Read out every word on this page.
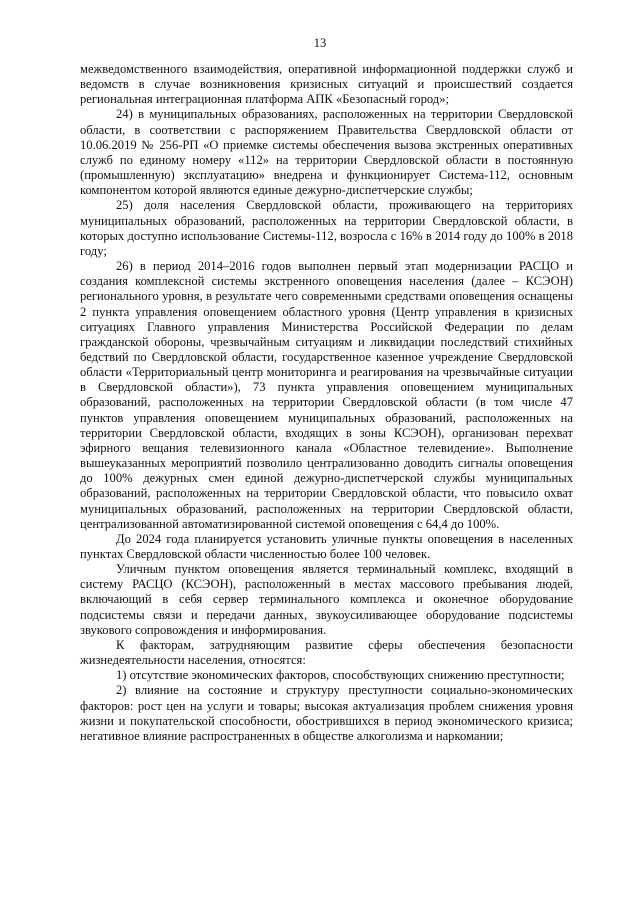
13

межведомственного взаимодействия, оперативной информационной поддержки служб и ведомств в случае возникновения кризисных ситуаций и происшествий создается региональная интеграционная платформа АПК «Безопасный город»;

24) в муниципальных образованиях, расположенных на территории Свердловской области, в соответствии с распоряжением Правительства Свердловской области от 10.06.2019 № 256-РП «О приемке системы обеспечения вызова экстренных оперативных служб по единому номеру «112» на территории Свердловской области в постоянную (промышленную) эксплуатацию» внедрена и функционирует Система-112, основным компонентом которой являются единые дежурно-диспетчерские службы;

25) доля населения Свердловской области, проживающего на территориях муниципальных образований, расположенных на территории Свердловской области, в которых доступно использование Системы-112, возросла с 16% в 2014 году до 100% в 2018 году;

26) в период 2014–2016 годов выполнен первый этап модернизации РАСЦО и создания комплексной системы экстренного оповещения населения (далее – КСЭОН) регионального уровня, в результате чего современными средствами оповещения оснащены 2 пункта управления оповещением областного уровня (Центр управления в кризисных ситуациях Главного управления Министерства Российской Федерации по делам гражданской обороны, чрезвычайным ситуациям и ликвидации последствий стихийных бедствий по Свердловской области, государственное казенное учреждение Свердловской области «Территориальный центр мониторинга и реагирования на чрезвычайные ситуации в Свердловской области»), 73 пункта управления оповещением муниципальных образований, расположенных на территории Свердловской области (в том числе 47 пунктов управления оповещением муниципальных образований, расположенных на территории Свердловской области, входящих в зоны КСЭОН), организован перехват эфирного вещания телевизионного канала «Областное телевидение». Выполнение вышеуказанных мероприятий позволило централизованно доводить сигналы оповещения до 100% дежурных смен единой дежурно-диспетчерской службы муниципальных образований, расположенных на территории Свердловской области, что повысило охват муниципальных образований, расположенных на территории Свердловской области, централизованной автоматизированной системой оповещения с 64,4 до 100%.

До 2024 года планируется установить уличные пункты оповещения в населенных пунктах Свердловской области численностью более 100 человек.

Уличным пунктом оповещения является терминальный комплекс, входящий в систему РАСЦО (КСЭОН), расположенный в местах массового пребывания людей, включающий в себя сервер терминального комплекса и оконечное оборудование подсистемы связи и передачи данных, звукоусиливающее оборудование подсистемы звукового сопровождения и информирования.

К факторам, затрудняющим развитие сферы обеспечения безопасности жизнедеятельности населения, относятся:

1) отсутствие экономических факторов, способствующих снижению преступности;

2) влияние на состояние и структуру преступности социально-экономических факторов: рост цен на услуги и товары; высокая актуализация проблем снижения уровня жизни и покупательской способности, обострившихся в период экономического кризиса; негативное влияние распространенных в обществе алкоголизма и наркомании;
